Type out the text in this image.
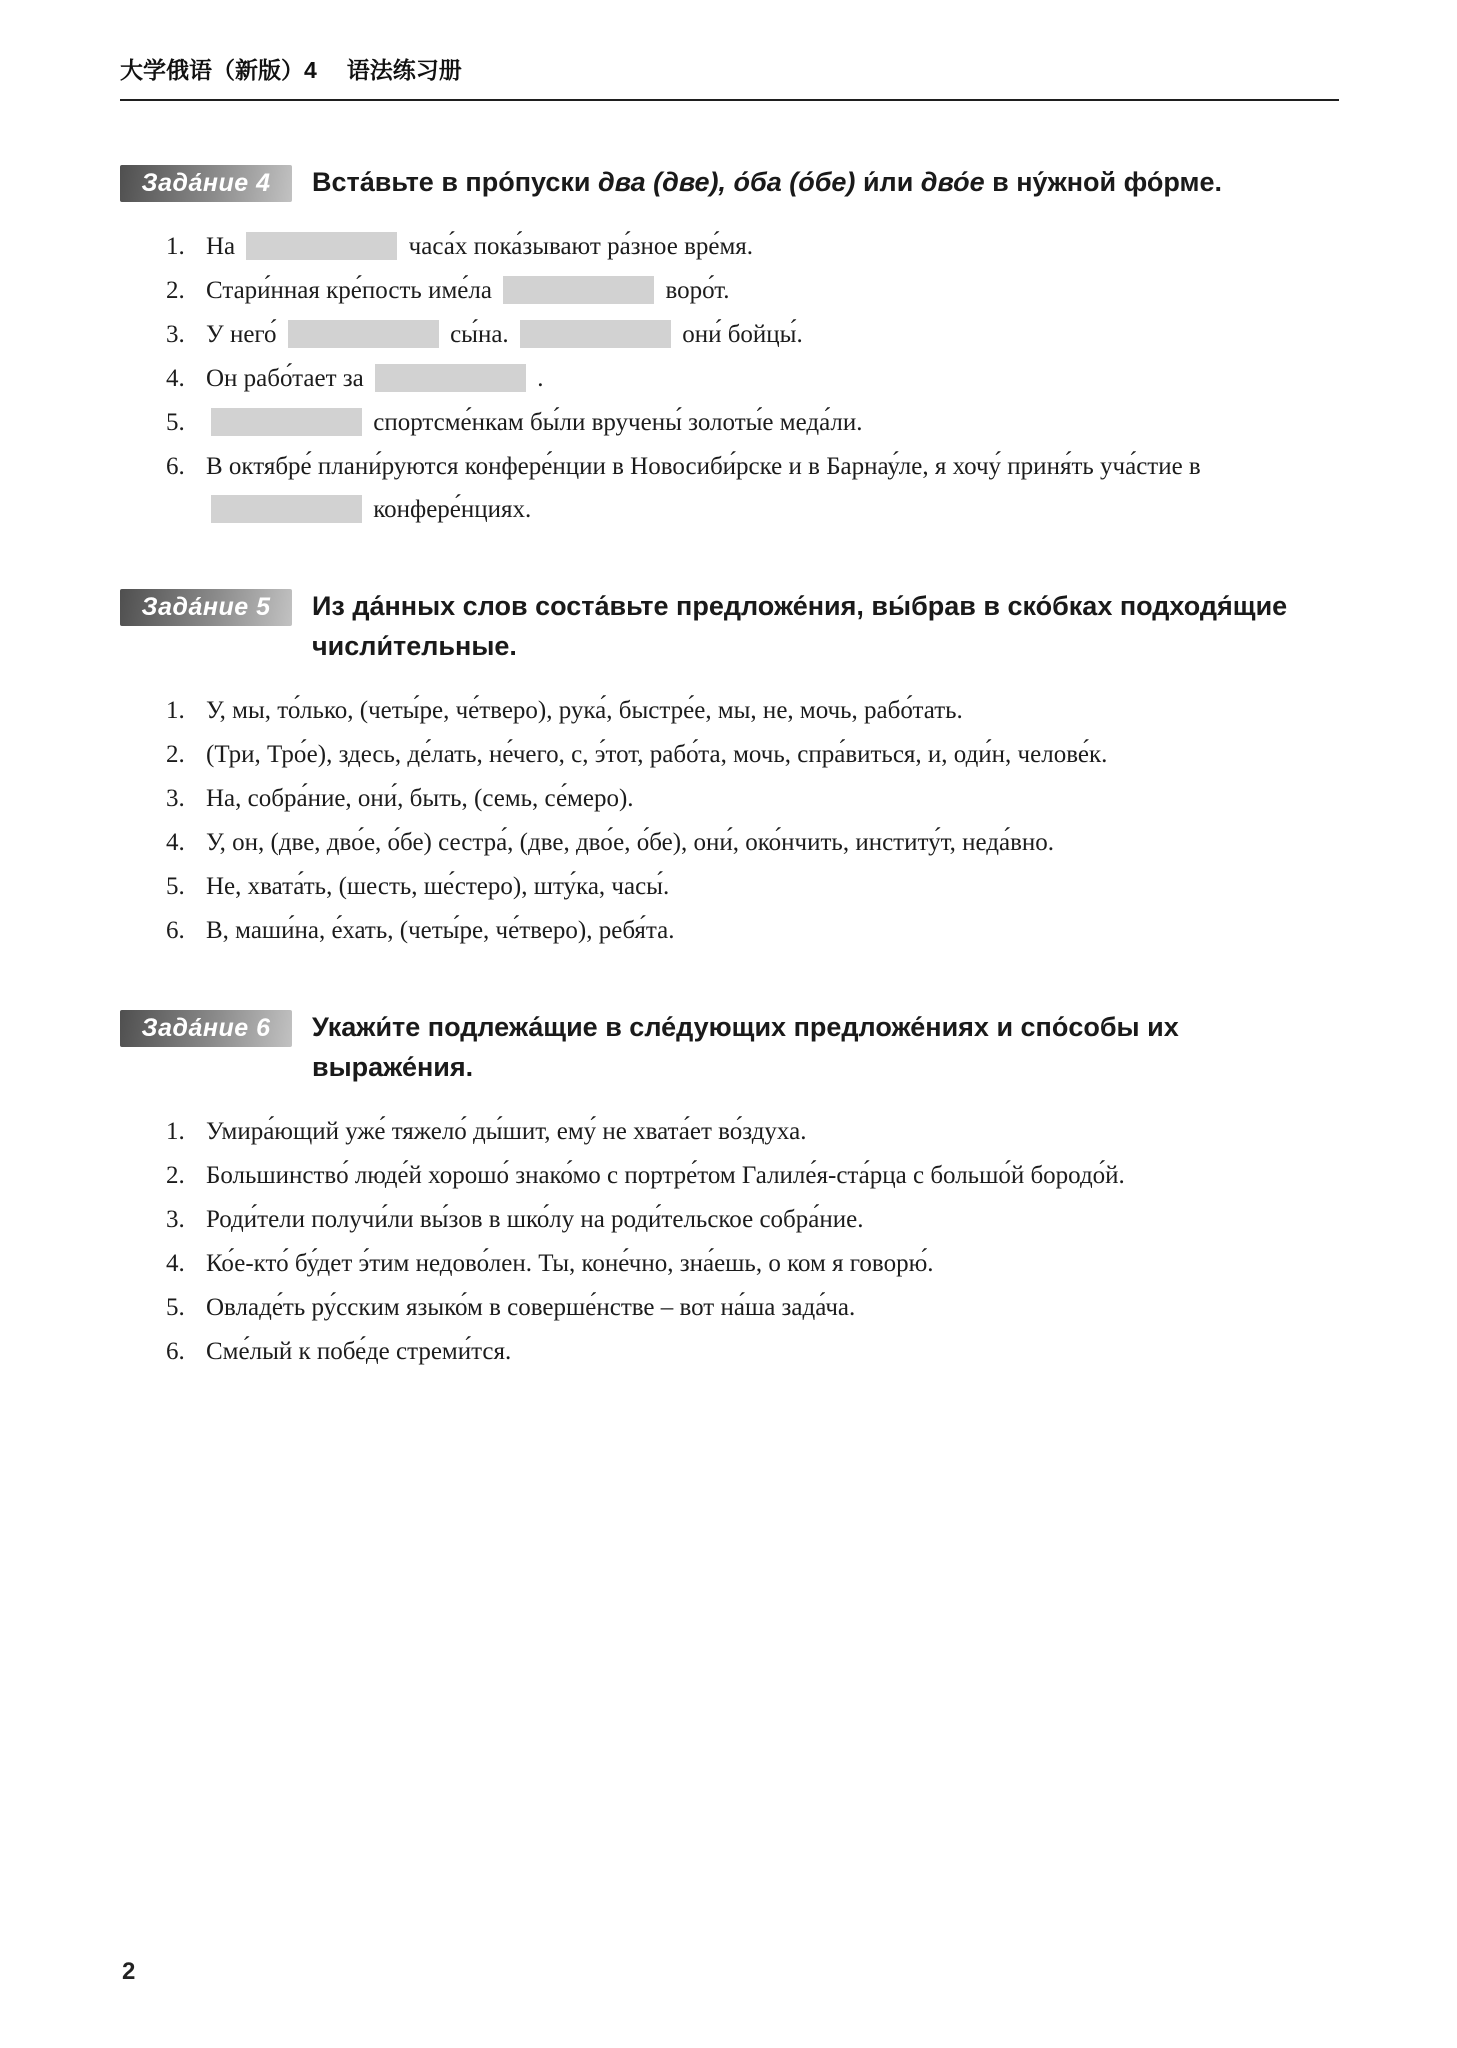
大学俄语（新版）4 语法练习册
Зада́ние 4	Вста́вьте в про́пуски два (две), о́ба (о́бе) и́ли дво́е в ну́жной фо́рме.
1. На	часа́х пока́зывают ра́зное вре́мя.
2. Стари́нная кре́пость име́ла	воро́т.
3. У него́	сы́на.	они́ бойцы́.
4. Он рабо́тает за	.
5.	спортсме́нкам бы́ли вручены́ золоты́е меда́ли.
6. В октябре́ плани́руются конфере́нции в Новосиби́рске и в Барнау́ле, я хочу́ приня́ть уча́стие в  конфере́нциях.
Зада́ние 5	Из да́нных слов соста́вьте предложе́ния, вы́брав в ско́бках подходя́щие числи́тельные.
1. У, мы, то́лько, (четы́ре, че́тверо), рука́, быстре́е, мы, не, мочь, рабо́тать.
2. (Три, Тро́е), здесь, де́лать, не́чего, с, э́тот, рабо́та, мочь, спра́виться, и, оди́н, челове́к.
3. На, собра́ние, они́, быть, (семь, се́меро).
4. У, он, (две, дво́е, о́бе) сестра́, (две, дво́е, о́бе), они́, око́нчить, институ́т, неда́вно.
5. Не, хвата́ть, (шесть, ше́стеро), шту́ка, часы́.
6. В, маши́на, е́хать, (четы́ре, че́тверо), ребя́та.
Зада́ние 6	Укажи́те подлежа́щие в сле́дующих предложе́ниях и спо́собы их выраже́ния.
1. Умира́ющий уже́ тяжело́ ды́шит, ему́ не хвата́ет во́здуха.
2. Большинство́ люде́й хорошо́ знако́мо с портре́том Галиле́я-ста́рца с большо́й бородо́й.
3. Роди́тели получи́ли вы́зов в шко́лу на роди́тельское собра́ние.
4. Ко́е-кто́ бу́дет э́тим недово́лен. Ты, коне́чно, зна́ешь, о ком я говорю́.
5. Овладе́ть ру́сским языко́м в соверше́нстве – вот на́ша зада́ча.
6. Сме́лый к побе́де стреми́тся.
2
